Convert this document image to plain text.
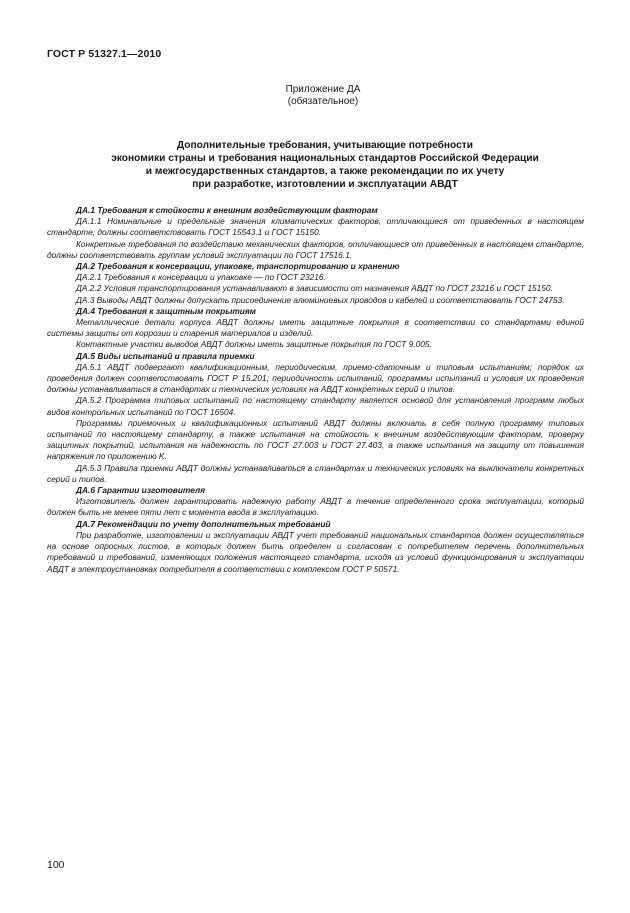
ГОСТ Р 51327.1—2010
Приложение ДА
(обязательное)
Дополнительные требования, учитывающие потребности
экономики страны и требования национальных стандартов Российской Федерации
и межгосударственных стандартов, а также рекомендации по их учету
при разработке, изготовлении и эксплуатации АВДТ

ДА.1 Требования к стойкости к внешним воздействующим факторам

ДА.1.1 Номинальные и предельные значения климатических факторов, отличающиеся от приведенных в настоящем стандарте, должны соответствовать ГОСТ 15543.1 и ГОСТ 15150.

Конкретные требования по воздействию механических факторов, отличающиеся от приведенных в настоящем стандарте, должны соответствовать группам условий эксплуатации по ГОСТ 17516.1.

ДА.2 Требования к консервации, упаковке, транспортированию и хранению

ДА.2.1 Требования к консервации и упаковке — по ГОСТ 23216.

ДА.2.2 Условия транспортирования устанавливают в зависимости от назначения АВДТ по ГОСТ 23216 и ГОСТ 15150.

ДА.3 Выводы АВДТ должны допускать присоединение алюминиевых проводов и кабелей и соответствовать ГОСТ 24753.

ДА.4 Требования к защитным покрытиям

Металлические детали корпуса АВДТ должны иметь защитные покрытия в соответствии со стандартами единой системы защиты от коррозии и старения материалов и изделий.

Контактные участки выводов АВДТ должны иметь защитные покрытия по ГОСТ 9.005.

ДА.5 Виды испытаний и правила приемки

ДА.5.1 АВДТ подвергают квалификационным, периодическим, приемо-сдаточным и типовым испытаниям; порядок их проведения должен соответствовать ГОСТ Р 15.201; периодичность испытаний, программы испытаний и условия их проведения должны устанавливаться в стандартах и технических условиях на АВДТ конкретных серий и типов.

ДА.5.2 Программа типовых испытаний по настоящему стандарту является основой для установления программ любых видов контрольных испытаний по ГОСТ 16504.

Программы приемочных и квалификационных испытаний АВДТ должны включать в себя полную программу типовых испытаний по настоящему стандарту, а также испытания на стойкость к внешним воздействующим факторам, проверку защитных покрытий, испытания на надежность по ГОСТ 27.003 и ГОСТ 27.403, а также испытания на защиту от повышения напряжения по приложению K.

ДА.5.3 Правила приемки АВДТ должны устанавливаться в стандартах и технических условиях на выключатели конкретных серий и типов.

ДА.6 Гарантии изготовителя

Изготовитель должен гарантировать надежную работу АВДТ в течение определенного срока эксплуатации, который должен быть не менее пяти лет с момента ввода в эксплуатацию.

ДА.7 Рекомендации по учету дополнительных требований

При разработке, изготовлении и эксплуатации АВДТ учет требований национальных стандартов должен осуществляться на основе опросных листов, в которых должен быть определен и согласован с потребителем перечень дополнительных требований и требований, изменяющих положения настоящего стандарта, исходя из условий функционирования и эксплуатации АВДТ в электроустановках потребителя в соответствии с комплексом ГОСТ Р 50571.

100
